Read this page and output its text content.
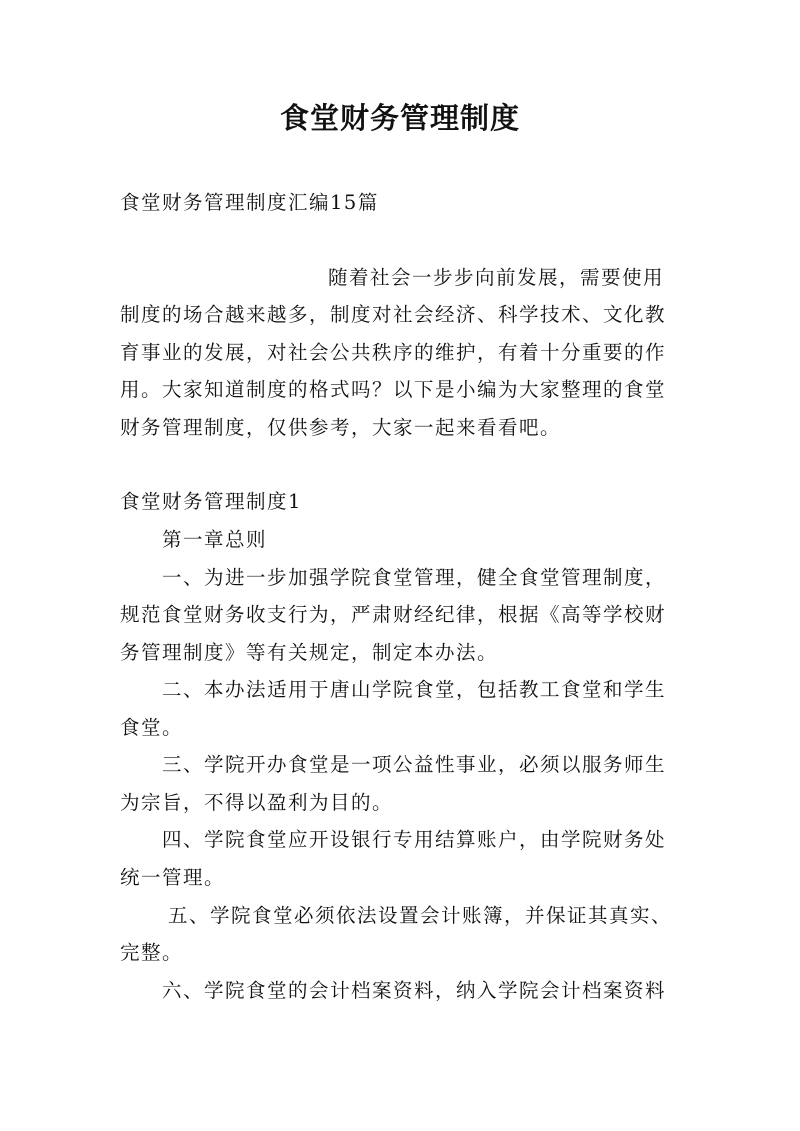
食堂财务管理制度

食堂财务管理制度汇编15篇

随着社会一步步向前发展，需要使用

制度的场合越来越多，制度对社会经济、科学技术、文化教

育事业的发展，对社会公共秩序的维护，有着十分重要的作

用。大家知道制度的格式吗？以下是小编为大家整理的食堂

财务管理制度，仅供参考，大家一起来看看吧。

食堂财务管理制度1

第一章总则

一、为进一步加强学院食堂管理，健全食堂管理制度，

规范食堂财务收支行为，严肃财经纪律，根据《高等学校财

务管理制度》等有关规定，制定本办法。

二、本办法适用于唐山学院食堂，包括教工食堂和学生

食堂。

三、学院开办食堂是一项公益性事业，必须以服务师生

为宗旨，不得以盈利为目的。

四、学院食堂应开设银行专用结算账户，由学院财务处

统一管理。

五、学院食堂必须依法设置会计账簿，并保证其真实、

完整。

六、学院食堂的会计档案资料，纳入学院会计档案资料
